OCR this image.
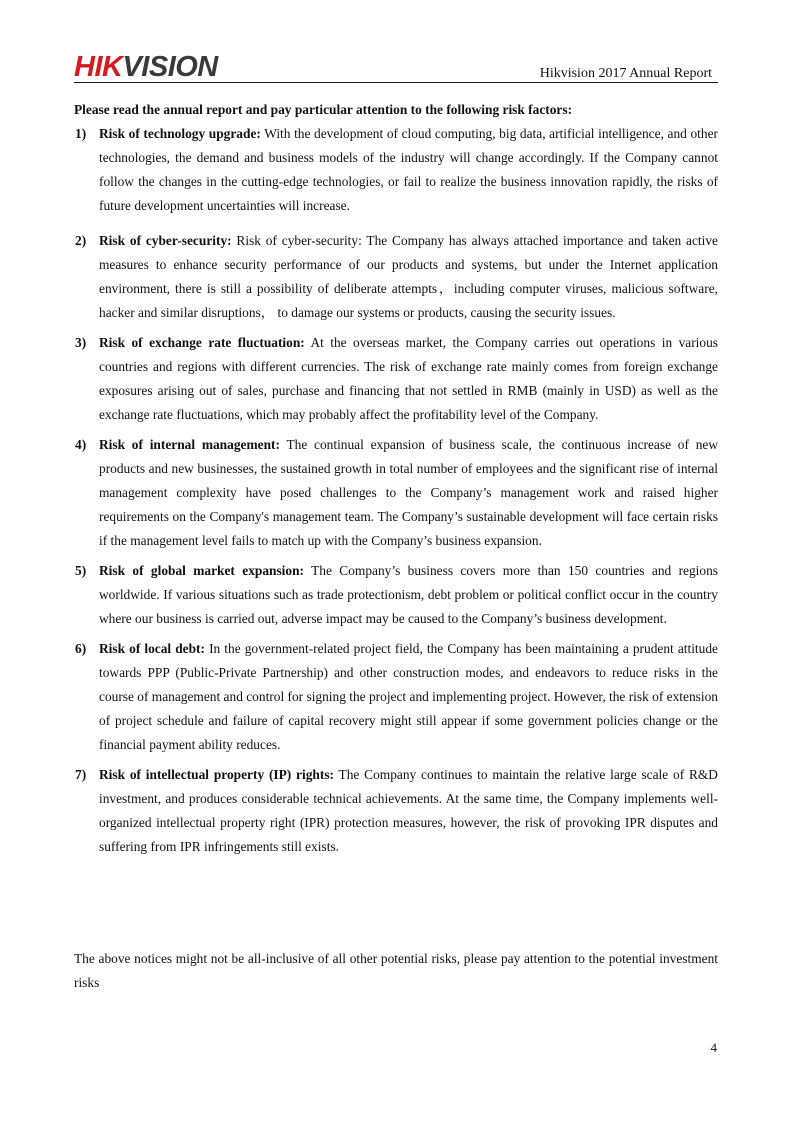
HIKVISION	Hikvision 2017 Annual Report

Please read the annual report and pay particular attention to the following risk factors:

1) Risk of technology upgrade: With the development of cloud computing, big data, artificial intelligence, and other technologies, the demand and business models of the industry will change accordingly. If the Company cannot follow the changes in the cutting-edge technologies, or fail to realize the business innovation rapidly, the risks of future development uncertainties will increase.

2) Risk of cyber-security: Risk of cyber-security: The Company has always attached importance and taken active measures to enhance security performance of our products and systems, but under the Internet application environment, there is still a possibility of deliberate attempts，including computer viruses, malicious software, hacker and similar disruptions， to damage our systems or products, causing the security issues.

3) Risk of exchange rate fluctuation: At the overseas market, the Company carries out operations in various countries and regions with different currencies. The risk of exchange rate mainly comes from foreign exchange exposures arising out of sales, purchase and financing that not settled in RMB (mainly in USD) as well as the exchange rate fluctuations, which may probably affect the profitability level of the Company.

4) Risk of internal management: The continual expansion of business scale, the continuous increase of new products and new businesses, the sustained growth in total number of employees and the significant rise of internal management complexity have posed challenges to the Company’s management work and raised higher requirements on the Company's management team. The Company’s sustainable development will face certain risks if the management level fails to match up with the Company’s business expansion.

5) Risk of global market expansion: The Company’s business covers more than 150 countries and regions worldwide. If various situations such as trade protectionism, debt problem or political conflict occur in the country where our business is carried out, adverse impact may be caused to the Company’s business development.

6) Risk of local debt: In the government-related project field, the Company has been maintaining a prudent attitude towards PPP (Public-Private Partnership) and other construction modes, and endeavors to reduce risks in the course of management and control for signing the project and implementing project. However, the risk of extension of project schedule and failure of capital recovery might still appear if some government policies change or the financial payment ability reduces.

7) Risk of intellectual property (IP) rights: The Company continues to maintain the relative large scale of R&D investment, and produces considerable technical achievements. At the same time, the Company implements well-organized intellectual property right (IPR) protection measures, however, the risk of provoking IPR disputes and suffering from IPR infringements still exists.

The above notices might not be all-inclusive of all other potential risks, please pay attention to the potential investment risks

4
